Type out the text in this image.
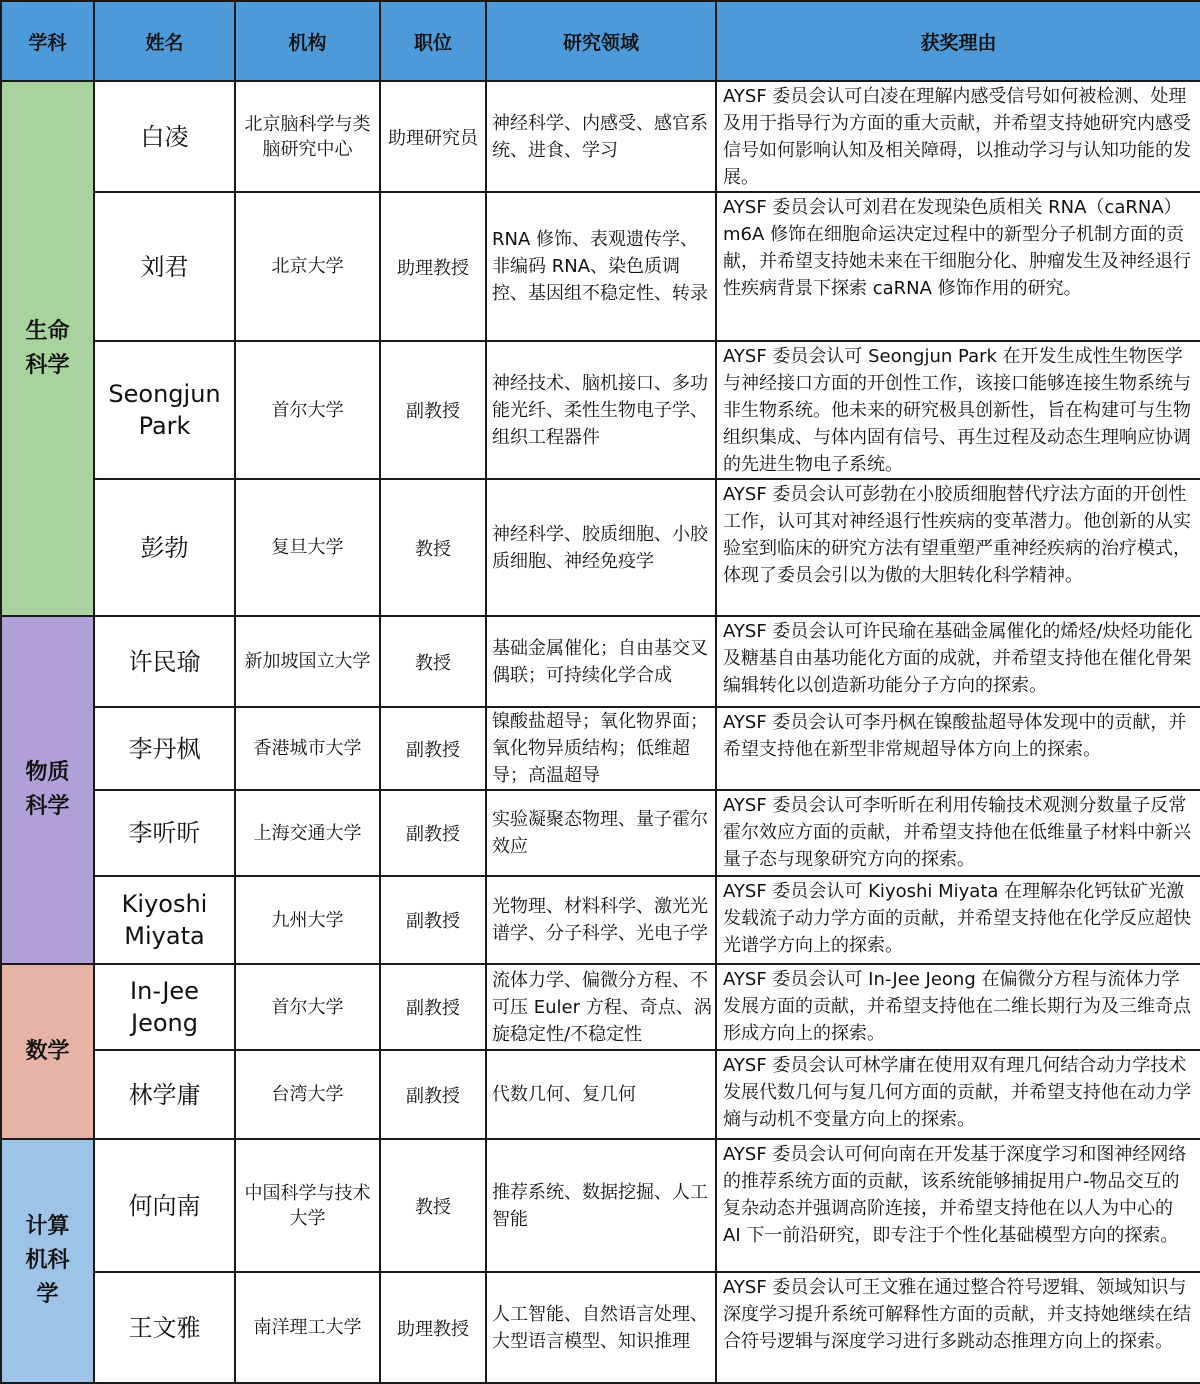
学科	姓名	机构	职位	研究领域	获奖理由
生命科学	白凌	北京脑科学与类脑研究中心	助理研究员	神经科学、内感受、感官系统、进食、学习	AYSF 委员会认可白凌在理解内感受信号如何被检测、处理及用于指导行为方面的重大贡献，并希望支持她研究内感受信号如何影响认知及相关障碍，以推动学习与认知功能的发展。
	刘君	北京大学	助理教授	RNA 修饰、表观遗传学、非编码 RNA、染色质调控、基因组不稳定性、转录	AYSF 委员会认可刘君在发现染色质相关 RNA（caRNA）m6A 修饰在细胞命运决定过程中的新型分子机制方面的贡献，并希望支持她未来在干细胞分化、肿瘤发生及神经退行性疾病背景下探索 caRNA 修饰作用的研究。
	Seongjun Park	首尔大学	副教授	神经技术、脑机接口、多功能光纤、柔性生物电子学、组织工程器件	AYSF 委员会认可 Seongjun Park 在开发生成性生物医学与神经接口方面的开创性工作，该接口能够连接生物系统与非生物系统。他未来的研究极具创新性，旨在构建可与生物组织集成、与体内固有信号、再生过程及动态生理响应协调的先进生物电子系统。
	彭勃	复旦大学	教授	神经科学、胶质细胞、小胶质细胞、神经免疫学	AYSF 委员会认可彭勃在小胶质细胞替代疗法方面的开创性工作，认可其对神经退行性疾病的变革潜力。他创新的从实验室到临床的研究方法有望重塑严重神经疾病的治疗模式，体现了委员会引以为傲的大胆转化科学精神。
物质科学	许民瑜	新加坡国立大学	教授	基础金属催化；自由基交叉偶联；可持续化学合成	AYSF 委员会认可许民瑜在基础金属催化的烯烃/炔烃功能化及糖基自由基功能化方面的成就，并希望支持他在催化骨架编辑转化以创造新功能分子方向的探索。
	李丹枫	香港城市大学	副教授	镍酸盐超导；氧化物界面；氧化物异质结构；低维超导；高温超导	AYSF 委员会认可李丹枫在镍酸盐超导体发现中的贡献，并希望支持他在新型非常规超导体方向上的探索。
	李听昕	上海交通大学	副教授	实验凝聚态物理、量子霍尔效应	AYSF 委员会认可李听昕在利用传输技术观测分数量子反常霍尔效应方面的贡献，并希望支持他在低维量子材料中新兴量子态与现象研究方向的探索。
	Kiyoshi Miyata	九州大学	副教授	光物理、材料科学、激光光谱学、分子科学、光电子学	AYSF 委员会认可 Kiyoshi Miyata 在理解杂化钙钛矿光激发载流子动力学方面的贡献，并希望支持他在化学反应超快光谱学方向上的探索。
数学	In-Jee Jeong	首尔大学	副教授	流体力学、偏微分方程、不可压 Euler 方程、奇点、涡旋稳定性/不稳定性	AYSF 委员会认可 In-Jee Jeong 在偏微分方程与流体力学发展方面的贡献，并希望支持他在二维长期行为及三维奇点形成方向上的探索。
	林学庸	台湾大学	副教授	代数几何、复几何	AYSF 委员会认可林学庸在使用双有理几何结合动力学技术发展代数几何与复几何方面的贡献，并希望支持他在动力学熵与动机不变量方向上的探索。
计算机科学	何向南	中国科学与技术大学	教授	推荐系统、数据挖掘、人工智能	AYSF 委员会认可何向南在开发基于深度学习和图神经网络的推荐系统方面的贡献，该系统能够捕捉用户-物品交互的复杂动态并强调高阶连接，并希望支持他在以人为中心的 AI 下一前沿研究，即专注于个性化基础模型方向的探索。
	王文雅	南洋理工大学	助理教授	人工智能、自然语言处理、大型语言模型、知识推理	AYSF 委员会认可王文雅在通过整合符号逻辑、领域知识与深度学习提升系统可解释性方面的贡献，并支持她继续在结合符号逻辑与深度学习进行多跳动态推理方向上的探索。
